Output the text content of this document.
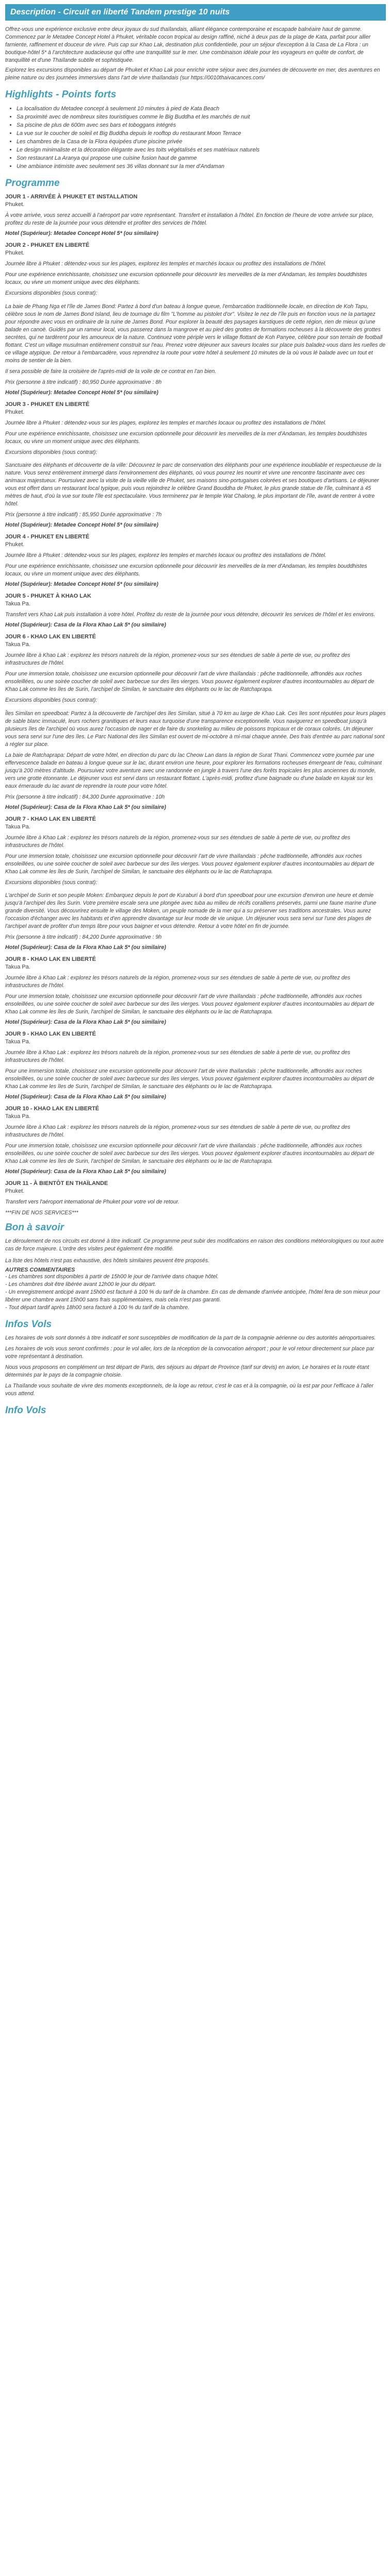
Description - Circuit en liberté Tandem prestige 10 nuits

Offrez-vous une expérience exclusive entre deux joyaux du sud thaïlandais, alliant élégance contemporaine et escapade balnéaire haut de gamme. Commencez par le Metadee Concept Hotel à Phuket, véritable cocon tropical au design raffiné, niché à deux pas de la plage de Kata, parfait pour allier farniente, raffinement et douceur de vivre. Puis cap sur Khao Lak, destination plus confidentielle, pour un séjour d'exception à la Casa de La Flora : un boutique-hôtel 5* à l'architecture audacieuse qui offre une tranquillité sur le mer. Une combinaison idéale pour les voyageurs en quête de confort, de tranquillité et d'une Thaïlande subtile et sophistiquée.

Explorez les excursions disponibles au départ de Phuket et Khao Lak pour enrichir votre séjour avec des journées de découverte en mer, des aventures en pleine nature ou des journées immersives dans l'art de vivre thaïlandais (sur https://0010thaivacances.com/

Highlights - Points forts
• La localisation du Metadee concept à seulement 10 minutes à pied de Kata Beach
• Sa proximité avec de nombreux sites touristiques comme le Big Buddha et les marchés de nuit
• Sa piscine de plus de 600m avec ses bars et toboggans intégrés
• La vue sur le coucher de soleil et Big Buddha depuis le rooftop du restaurant Moon Terrace
• Les chambres de la Casa de la Flora équipées d'une piscine privée
• Le design minimaliste et la décoration élégante avec les toits végétalisés et ses matériaux naturels
• Son restaurant La Aranya qui propose une cuisine fusion haut de gamme
• Une ambiance intimiste avec seulement ses 36 villas donnant sur la mer d'Andaman
Programme
JOUR 1 - ARRIVÉE À PHUKET ET INSTALLATION
Phuket.

À votre arrivée, vous serez accueilli à l'aéroport par votre représentant. Transfert et installation à l'hôtel. En fonction de l'heure de votre arrivée sur place, profitez du reste de la journée pour vous détendre et profiter des services de l'hôtel.

Hotel (Supérieur): Metadee Concept Hotel 5* (ou similaire)
JOUR 2 - PHUKET EN LIBERTÉ
Phuket.

Journée libre à Phuket : détendez-vous sur les plages, explorez les temples et marchés locaux ou profitez des installations de l'hôtel.

Pour une expérience enrichissante, choisissez une excursion optionnelle pour découvrir les merveilles de la mer d'Andaman, les temples bouddhistes locaux, ou vivre un moment unique avec des éléphants.

Excursions disponibles (sous contrat):

La baie de Phang Nga et l'île de James Bond: Partez à bord d'un bateau à longue queue, l'embarcation traditionnelle locale, en direction de Koh Tapu, célèbre sous le nom de James Bond Island, lieu de tournage du film "L'homme au pistolet d'or". Visitez le nez de l'île puis en fonction vous ne la partagez pour répondre avec vous en ordinaire de la ruine de James Bond. Pour explorer la beauté des paysages karstiques de cette région, rien de mieux qu'une balade en canoë. Guidés par un rameur local, vous passerez dans la mangrove et au pied des grottes de formations rocheuses à la découverte des grottes secrètes, qui ne tardèrent pour les amoureux de la nature. Continuez votre périple vers le village flottant de Koh Panyee, célèbre pour son terrain de football flottant. C'est un village musulman entièrement construit sur l'eau. Prenez votre déjeuner aux saveurs locales sur place puis baladez-vous dans les ruelles de ce village atypique. De retour à l'embarcadère, vous reprendrez la route pour votre hôtel à seulement 10 minutes de la où vous lé balade avec un tout et moins de sentier de la bien.

Il sera possible de faire la croisière de l'après-midi de la voile de ce contrat en l'an bien.

Prix (personne à titre indicatif) : 80,950 Durée approximative : 8h

Hotel (Supérieur): Metadee Concept Hotel 5* (ou similaire)
JOUR 3 - PHUKET EN LIBERTÉ
Phuket.

Journée libre à Phuket : détendez-vous sur les plages, explorez les temples et marchés locaux ou profitez des installations de l'hôtel.

Pour une expérience enrichissante, choisissez une excursion optionnelle pour découvrir les merveilles de la mer d'Andaman, les temples bouddhistes locaux, ou vivre un moment unique avec des éléphants.

Excursions disponibles (sous contrat):

Sanctuaire des éléphants et découverte de la ville: Découvrez le parc de conservation des éléphants pour une expérience inoubliable et respectueuse de la nature. Vous serez entièrement immergé dans l'environnement des éléphants, où vous pourrez les nourrir et vivre une rencontre fascinante avec ces animaux majestueux. Poursuivez avec la visite de la vieille ville de Phuket, ses maisons sino-portugaises colorées et ses boutiques d'artisans. Le déjeuner vous est offert dans un restaurant local typique, puis vous rejoindrez le célèbre Grand Bouddha de Phuket, le plus grande statue de l'île, culminant à 45 mètres de haut, d'où la vue sur toute l'île est spectaculaire. Vous terminerez par le temple Wat Chalong, le plus important de l'île, avant de rentrer à votre hôtel.

Prix (personne à titre indicatif) : 85,950 Durée approximative : 7h

Hotel (Supérieur): Metadee Concept Hotel 5* (ou similaire)
JOUR 4 - PHUKET EN LIBERTÉ
Phuket.

Journée libre à Phuket : détendez-vous sur les plages, explorez les temples et marchés locaux ou profitez des installations de l'hôtel.

Pour une expérience enrichissante, choisissez une excursion optionnelle pour découvrir les merveilles de la mer d'Andaman, les temples bouddhistes locaux, ou vivre un moment unique avec des éléphants.

Hotel (Supérieur): Metadee Concept Hotel 5* (ou similaire)
JOUR 5 - PHUKET À KHAO LAK
Takua Pa.

Transfert vers Khao Lak puis installation à votre hôtel. Profitez du reste de la journée pour vous détendre, découvrir les services de l'hôtel et les environs.

Hotel (Supérieur): Casa de la Flora Khao Lak 5* (ou similaire)
JOUR 6 - KHAO LAK EN LIBERTÉ
Takua Pa.

Journée libre à Khao Lak : explorez les trésors naturels de la région, promenez-vous sur ses étendues de sable à perte de vue, ou profitez des infrastructures de l'hôtel.

Pour une immersion totale, choisissez une excursion optionnelle pour découvrir l'art de vivre thaïlandais : pêche traditionnelle, affrondés aux roches ensoleillées, ou une soirée coucher de soleil avec barbecue sur des îles vierges. Vous pouvez également explorer d'autres incontournables au départ de Khao Lak comme les îles de Surin, l'archipel de Similan, le sanctuaire des éléphants ou le lac de Ratchaprapa.

Excursions disponibles (sous contrat):

Îles Similan en speedboat: Partez à la découverte de l'archipel des îles Similan, situé à 70 km au large de Khao Lak. Ces îles sont réputées pour leurs plages de sable blanc immaculé, leurs rochers granitiques et leurs eaux turquoise d'une transparence exceptionnelle. Vous naviguerez en speedboat jusqu'à plusieurs îles de l'archipel où vous aurez l'occasion de nager et de faire du snorkeling au milieu de poissons tropicaux et de coraux colorés. Un déjeuner vous sera servi sur l'une des îles. Le Parc National des îles Similan est ouvert de mi-octobre à mi-mai chaque année. Des frais d'entrée au parc national sont à régler sur place.

La baie de Ratchaprapa: Départ de votre hôtel, en direction du parc du lac Cheow Lan dans la région de Surat Thani. Commencez votre journée par une effervescence balade en bateau à longue queue sur le lac, durant environ une heure, pour explorer les formations rocheuses émergeant de l'eau, culminant jusqu'à 200 mètres d'altitude. Poursuivez votre aventure avec une randonnée en jungle à travers l'une des forêts tropicales les plus anciennes du monde, vers une grotte étonnante. Le déjeuner vous est servi dans un restaurant flottant. L'après-midi, profitez d'une baignade ou d'une balade en kayak sur les eaux émeraude du lac avant de reprendre la route pour votre hôtel.

Prix (personne à titre indicatif) : 84,300 Durée approximative : 10h

Hotel (Supérieur): Casa de la Flora Khao Lak 5* (ou similaire)
JOUR 7 - KHAO LAK EN LIBERTÉ
Takua Pa.

Journée libre à Khao Lak : explorez les trésors naturels de la région, promenez-vous sur ses étendues de sable à perte de vue, ou profitez des infrastructures de l'hôtel.

Pour une immersion totale, choisissez une excursion optionnelle pour découvrir l'art de vivre thaïlandais : pêche traditionnelle, affrondés aux roches ensoleillées, ou une soirée coucher de soleil avec barbecue sur des îles vierges. Vous pouvez également explorer d'autres incontournables au départ de Khao Lak comme les îles de Surin, l'archipel de Similan, le sanctuaire des éléphants ou le lac de Ratchaprapa.

Excursions disponibles (sous contrat):

L'archipel de Surin et son peuple Moken: Embarquez depuis le port de Kuraburi à bord d'un speedboat pour une excursion d'environ une heure et demie jusqu'à l'archipel des îles Surin. Votre première escale sera une plongée avec tuba au milieu de récifs coralliens préservés, parmi une faune marine d'une grande diversité. Vous découvrirez ensuite le village des Moken, un peuple nomade de la mer qui a su préserver ses traditions ancestrales. Vous aurez l'occasion d'échanger avec les habitants et d'en apprendre davantage sur leur mode de vie unique. Un déjeuner vous sera servi sur l'une des plages de l'archipel avant de profiter d'un temps libre pour vous baigner et vous détendre. Retour à votre hôtel en fin de journée.

Prix (personne à titre indicatif) : 84,200 Durée approximative : 9h

Hotel (Supérieur): Casa de la Flora Khao Lak 5* (ou similaire)
JOUR 8 - KHAO LAK EN LIBERTÉ
Takua Pa.

Journée libre à Khao Lak : explorez les trésors naturels de la région, promenez-vous sur ses étendues de sable à perte de vue, ou profitez des infrastructures de l'hôtel.

Pour une immersion totale, choisissez une excursion optionnelle pour découvrir l'art de vivre thaïlandais : pêche traditionnelle, affrondés aux roches ensoleillées, ou une soirée coucher de soleil avec barbecue sur des îles vierges. Vous pouvez également explorer d'autres incontournables au départ de Khao Lak comme les îles de Surin, l'archipel de Similan, le sanctuaire des éléphants ou le lac de Ratchaprapa.

Hotel (Supérieur): Casa de la Flora Khao Lak 5* (ou similaire)
JOUR 9 - KHAO LAK EN LIBERTÉ
Takua Pa.

Journée libre à Khao Lak : explorez les trésors naturels de la région, promenez-vous sur ses étendues de sable à perte de vue, ou profitez des infrastructures de l'hôtel.

Pour une immersion totale, choisissez une excursion optionnelle pour découvrir l'art de vivre thaïlandais : pêche traditionnelle, affrondés aux roches ensoleillées, ou une soirée coucher de soleil avec barbecue sur des îles vierges. Vous pouvez également explorer d'autres incontournables au départ de Khao Lak comme les îles de Surin, l'archipel de Similan, le sanctuaire des éléphants ou le lac de Ratchaprapa.

Hotel (Supérieur): Casa de la Flora Khao Lak 5* (ou similaire)
JOUR 10 - KHAO LAK EN LIBERTÉ
Takua Pa.

Journée libre à Khao Lak : explorez les trésors naturels de la région, promenez-vous sur ses étendues de sable à perte de vue, ou profitez des infrastructures de l'hôtel.

Pour une immersion totale, choisissez une excursion optionnelle pour découvrir l'art de vivre thaïlandais : pêche traditionnelle, affrondés aux roches ensoleillées, ou une soirée coucher de soleil avec barbecue sur des îles vierges. Vous pouvez également explorer d'autres incontournables au départ de Khao Lak comme les îles de Surin, l'archipel de Similan, le sanctuaire des éléphants ou le lac de Ratchaprapa.

Hotel (Supérieur): Casa de la Flora Khao Lak 5* (ou similaire)
JOUR 11 - À BIENTÔT EN THAÏLANDE
Phuket.

Transfert vers l'aéroport international de Phuket pour votre vol de retour.

***FIN DE NOS SERVICES***

Bon à savoir

Le déroulement de nos circuits est donné à titre indicatif. Ce programme peut subir des modifications en raison des conditions météorologiques ou tout autre cas de force majeure. L'ordre des visites peut également être modifié.

La liste des hôtels n'est pas exhaustive, des hôtels similaires peuvent être proposés.

AUTRES COMMENTAIRES

- Les chambres sont disponibles à partir de 15h00 le jour de l'arrivée dans chaque hôtel.

- Les chambres doit être libérée avant 12h00 le jour du départ.

- Un enregistrement anticipé avant 15h00 est facturé à 100 % du tarif de la chambre. En cas de demande d'arrivée anticipée, l'hôtel fera de son mieux pour libérer une chambre avant 15h00 sans frais supplémentaires, mais cela n'est pas garanti.

- Tout départ tardif après 18h00 sera facturé à 100 % du tarif de la chambre.

Infos Vols

Les horaires de vols sont donnés à titre indicatif et sont susceptibles de modification de la part de la compagnie aérienne ou des autorités aéroportuaires.

Les horaires de vols vous seront confirmés : pour le vol aller, lors de la réception de la convocation aéroport ; pour le vol retour directement sur place par votre représentant à destination.

Nous vous proposons en complément un test départ de Paris, des séjours au départ de Province (tarif sur devis) en avion, Le horaires et la route étant déterminés par le pays de la compagnie choisie.

La Thaïlande vous souhaite de vivre des moments exceptionnels, de la loge au retour, c'est le cas et à la compagnie, où la est par pour l'efficace à l'aller vous attend.

Info Vols
